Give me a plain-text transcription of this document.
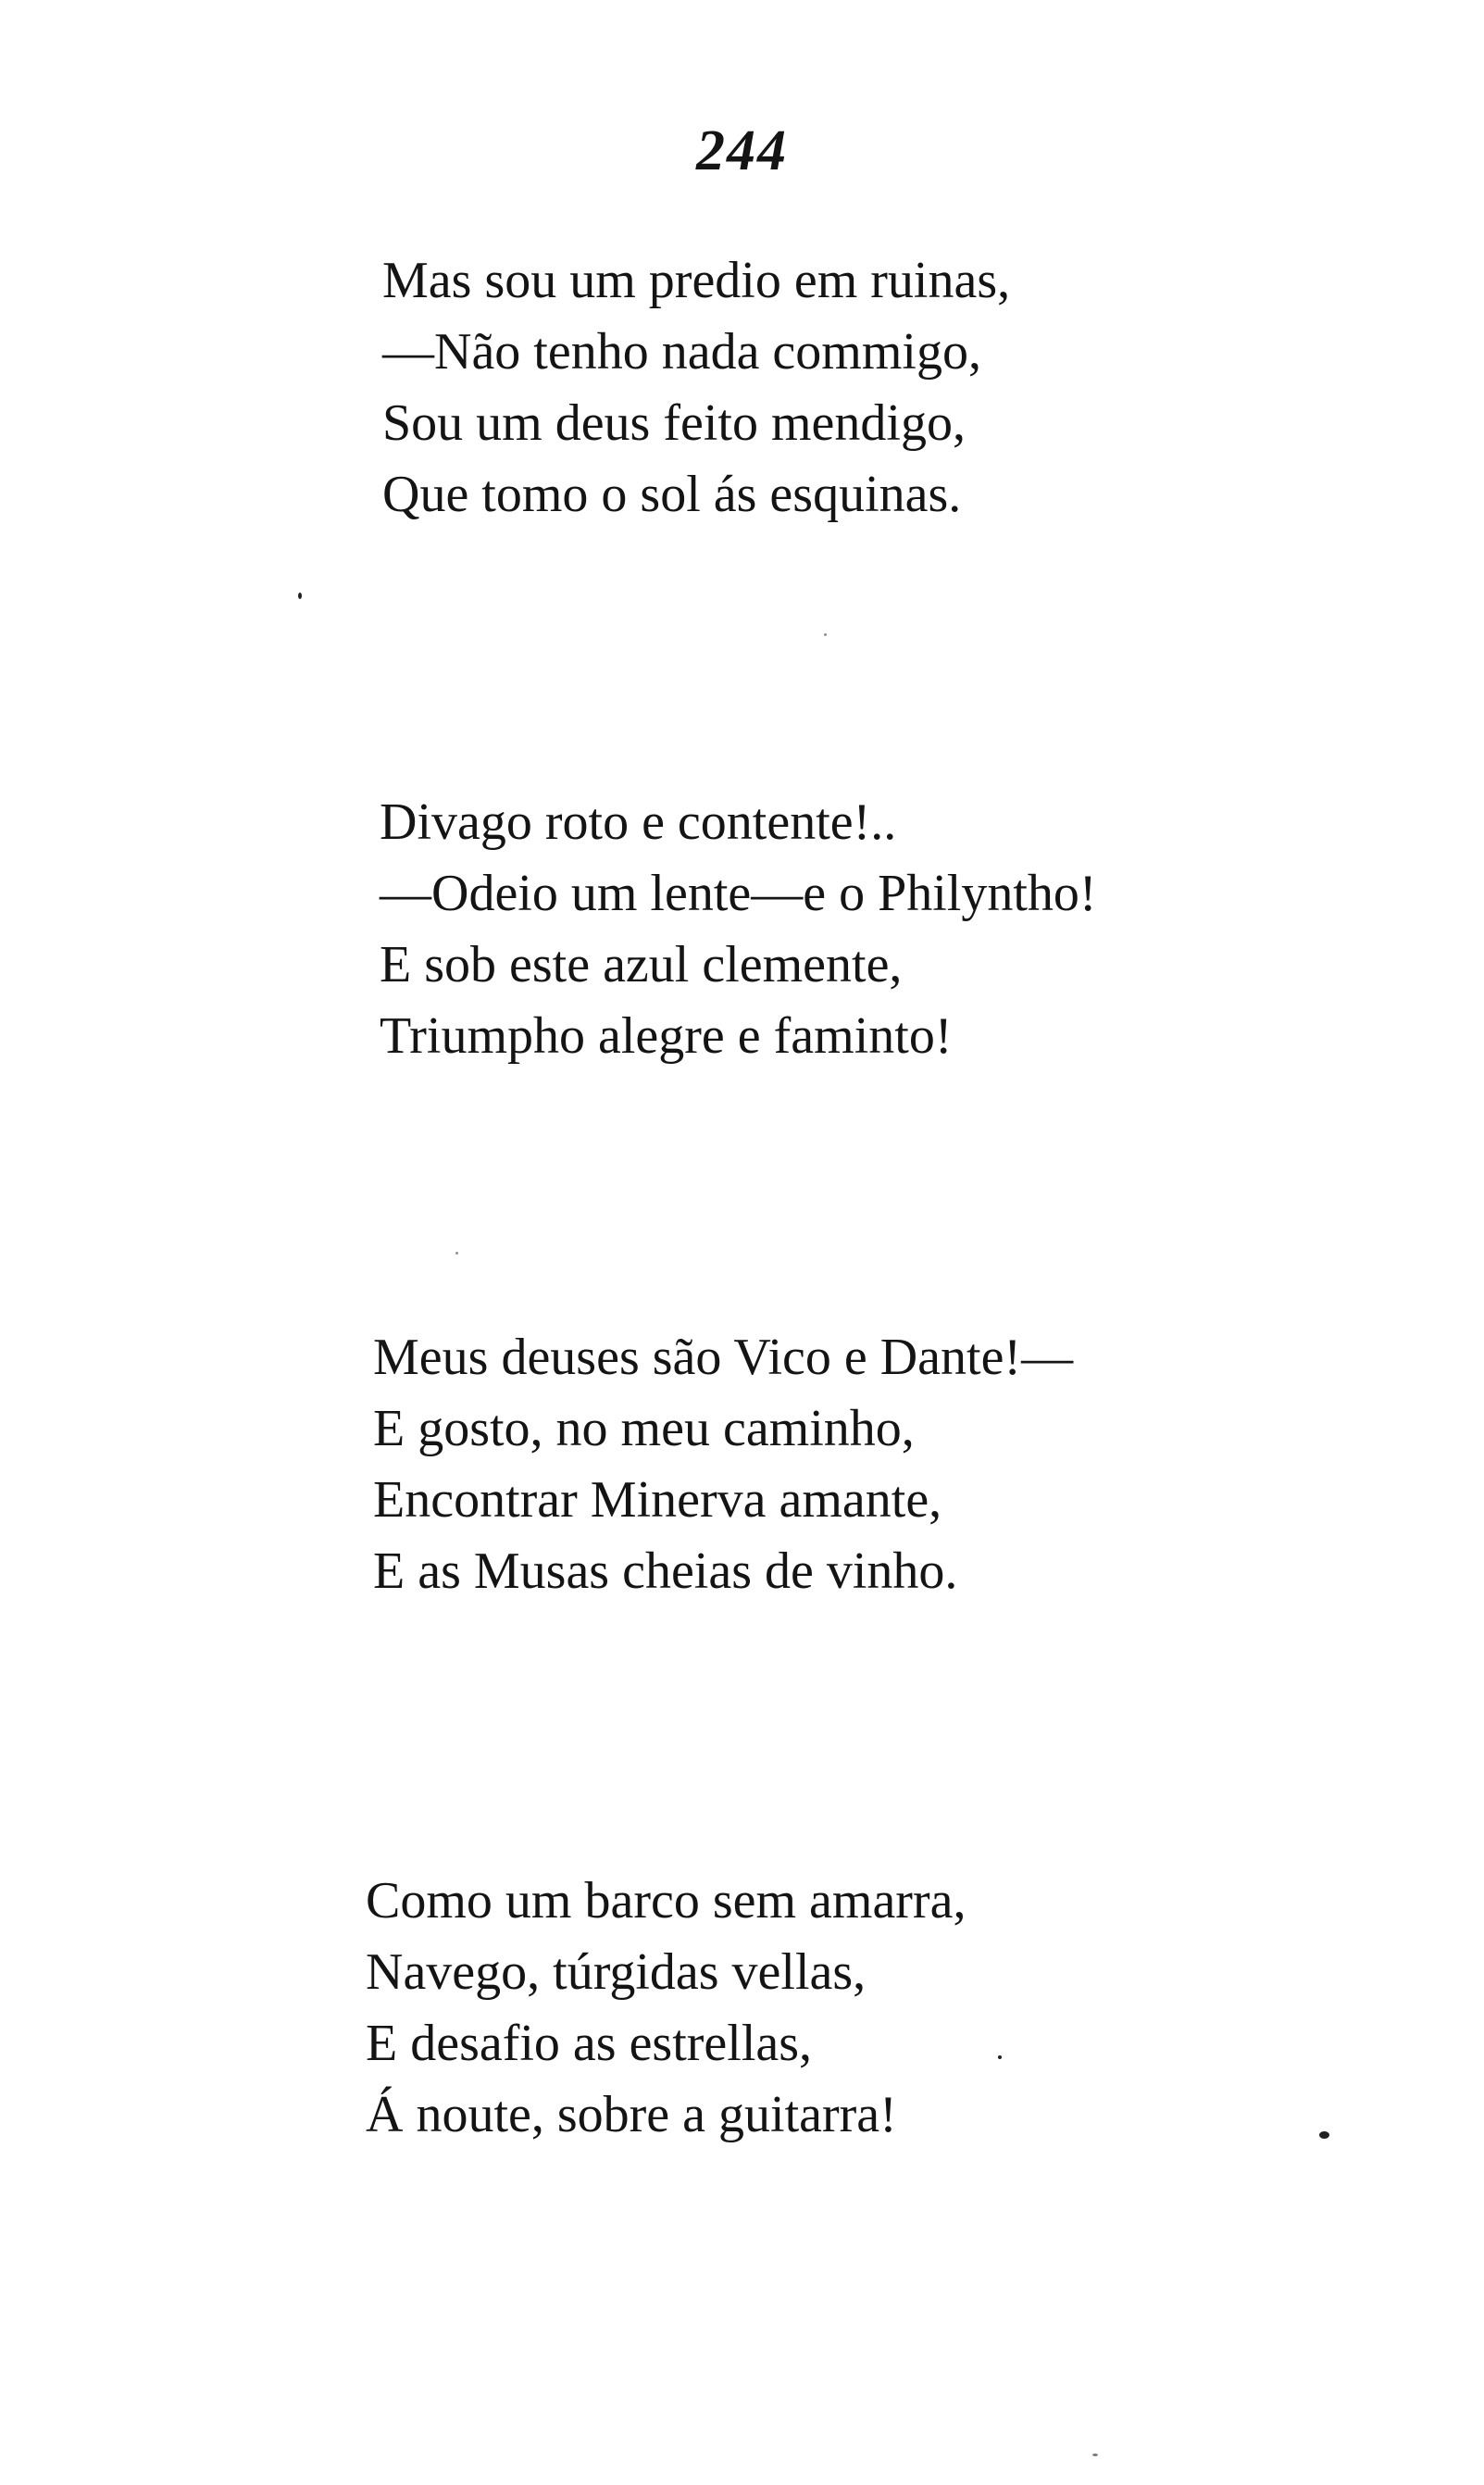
244

Mas sou um predio em ruinas,
—Não tenho nada commigo,
Sou um deus feito mendigo,
Que tomo o sol ás esquinas.

Divago roto e contente!..
—Odeio um lente—e o Philyntho!
E sob este azul clemente,
Triumpho alegre e faminto!

Meus deuses são Vico e Dante!—
E gosto, no meu caminho,
Encontrar Minerva amante,
E as Musas cheias de vinho.

Como um barco sem amarra,
Navego, túrgidas vellas,
E desafio as estrellas,
Á noute, sobre a guitarra!
